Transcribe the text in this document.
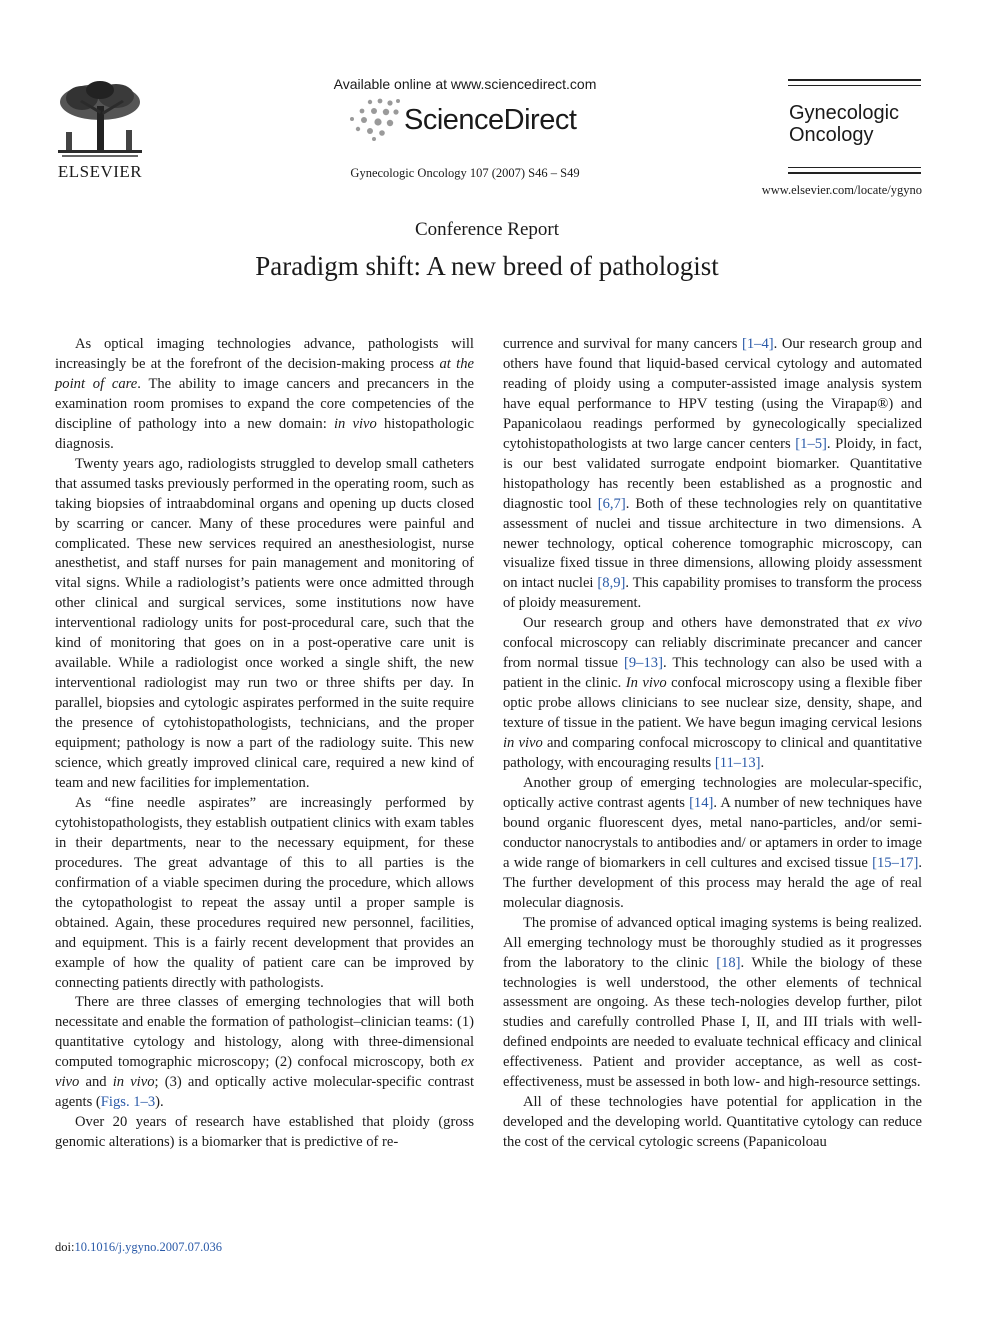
ELSEVIER
Available online at www.sciencedirect.com
ScienceDirect
Gynecologic Oncology 107 (2007) S46 – S49
Gynecologic
Oncology
www.elsevier.com/locate/ygyno
Conference Report
Paradigm shift: A new breed of pathologist

As optical imaging technologies advance, pathologists will increasingly be at the forefront of the decision-making process at the point of care. The ability to image cancers and precancers in the examination room promises to expand the core competencies of the discipline of pathology into a new domain: in vivo histopathologic diagnosis.

Twenty years ago, radiologists struggled to develop small catheters that assumed tasks previously performed in the operating room, such as taking biopsies of intraabdominal organs and opening up ducts closed by scarring or cancer. Many of these procedures were painful and complicated. These new services required an anesthesiologist, nurse anesthetist, and staff nurses for pain management and monitoring of vital signs. While a radiologist’s patients were once admitted through other clinical and surgical services, some institutions now have interventional radiology units for post-procedural care, such that the kind of monitoring that goes on in a post-operative care unit is available. While a radiologist once worked a single shift, the new interventional radiologist may run two or three shifts per day. In parallel, biopsies and cytologic aspirates performed in the suite require the presence of cytohistopathologists, technicians, and the proper equipment; pathology is now a part of the radiology suite. This new science, which greatly improved clinical care, required a new kind of team and new facilities for implementation.

As “fine needle aspirates” are increasingly performed by cytohistopathologists, they establish outpatient clinics with exam tables in their departments, near to the necessary equipment, for these procedures. The great advantage of this to all parties is the confirmation of a viable specimen during the procedure, which allows the cytopathologist to repeat the assay until a proper sample is obtained. Again, these procedures required new personnel, facilities, and equipment. This is a fairly recent development that provides an example of how the quality of patient care can be improved by connecting patients directly with pathologists.

There are three classes of emerging technologies that will both necessitate and enable the formation of pathologist–clinician teams: (1) quantitative cytology and histology, along with three-dimensional computed tomographic microscopy; (2) confocal microscopy, both ex vivo and in vivo; (3) and optically active molecular-specific contrast agents (Figs. 1–3).

Over 20 years of research have established that ploidy (gross genomic alterations) is a biomarker that is predictive of re-

currence and survival for many cancers [1–4]. Our research group and others have found that liquid-based cervical cytology and automated reading of ploidy using a computer-assisted image analysis system have equal performance to HPV testing (using the Virapap®) and Papanicolaou readings performed by gynecologically specialized cytohistopathologists at two large cancer centers [1–5]. Ploidy, in fact, is our best validated surrogate endpoint biomarker. Quantitative histopathology has recently been established as a prognostic and diagnostic tool [6,7]. Both of these technologies rely on quantitative assessment of nuclei and tissue architecture in two dimensions. A newer technology, optical coherence tomographic microscopy, can visualize fixed tissue in three dimensions, allowing ploidy assessment on intact nuclei [8,9]. This capability promises to transform the process of ploidy measurement.

Our research group and others have demonstrated that ex vivo confocal microscopy can reliably discriminate precancer and cancer from normal tissue [9–13]. This technology can also be used with a patient in the clinic. In vivo confocal microscopy using a flexible fiber optic probe allows clinicians to see nuclear size, density, shape, and texture of tissue in the patient. We have begun imaging cervical lesions in vivo and comparing confocal microscopy to clinical and quantitative pathology, with encouraging results [11–13].

Another group of emerging technologies are molecular-specific, optically active contrast agents [14]. A number of new techniques have bound organic fluorescent dyes, metal nano-particles, and/or semi-conductor nanocrystals to antibodies and/ or aptamers in order to image a wide range of biomarkers in cell cultures and excised tissue [15–17]. The further development of this process may herald the age of real molecular diagnosis.

The promise of advanced optical imaging systems is being realized. All emerging technology must be thoroughly studied as it progresses from the laboratory to the clinic [18]. While the biology of these technologies is well understood, the other elements of technical assessment are ongoing. As these tech-nologies develop further, pilot studies and carefully controlled Phase I, II, and III trials with well-defined endpoints are needed to evaluate technical efficacy and clinical effectiveness. Patient and provider acceptance, as well as cost-effectiveness, must be assessed in both low- and high-resource settings.

All of these technologies have potential for application in the developed and the developing world. Quantitative cytology can reduce the cost of the cervical cytologic screens (Papanicoloau

doi:10.1016/j.ygyno.2007.07.036
